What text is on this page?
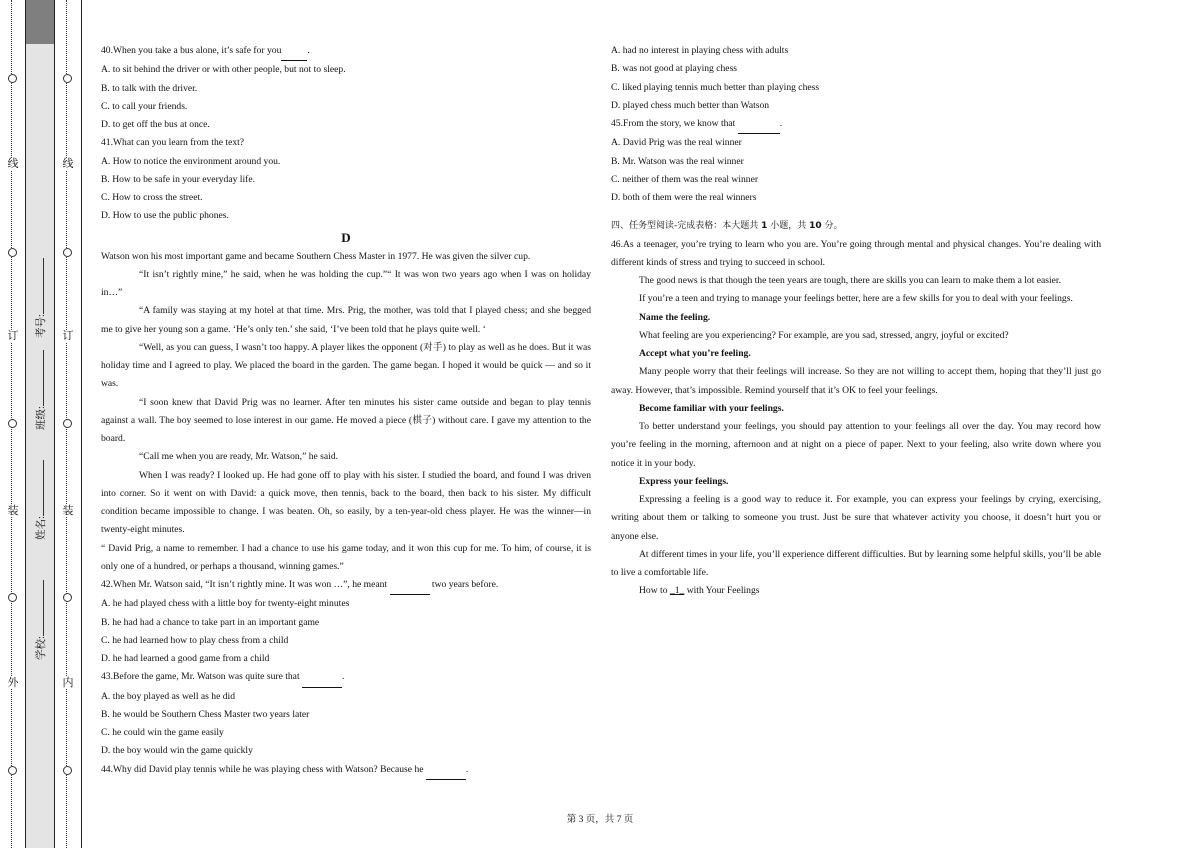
线
订
装
外
线
订
装
内
学校:
姓名:
班级:
考号:

40.When you take a bus alone, it’s safe for you	.

A. to sit behind the driver or with other people, but not to sleep.

B. to talk with the driver.

C. to call your friends.

D. to get off the bus at once.

41.What can you learn from the text?

A. How to notice the environment around you.

B. How to be safe in your everyday life.

C. How to cross the street.

D. How to use the public phones.

D

Watson won his most important game and became Southern Chess Master in 1977. He was given the silver cup.

“It isn’t rightly mine,” he said, when he was holding the cup.”“ It was won two years ago when I was on holiday in…”

“A family was staying at my hotel at that time. Mrs. Prig, the mother, was told that I played chess; and she begged me to give her young son a game. ‘He’s only ten.’ she said, ‘I’ve been told that he plays quite well. ‘

“Well, as you can guess, I wasn’t too happy. A player likes the opponent (对手) to play as well as he does. But it was holiday time and I agreed to play. We placed the board in the garden. The game began. I hoped it would be quick — and so it was.

“I soon knew that David Prig was no learner. After ten minutes his sister came outside and began to play tennis against a wall. The boy seemed to lose interest in our game. He moved a piece (棋子) without care. I gave my attention to the board.

“Call me when you are ready, Mr. Watson,” he said.

When I was ready? I looked up. He had gone off to play with his sister. I studied the board, and found I was driven into corner. So it went on with David: a quick move, then tennis, back to the board, then back to his sister. My difficult condition became impossible to change. I was beaten. Oh, so easily, by a ten-year-old chess player. He was the winner—in twenty-eight minutes.

“ David Prig, a name to remember. I had a chance to use his game today, and it won this cup for me. To him, of course, it is only one of a hundred, or perhaps a thousand, winning games.”

42.When Mr. Watson said, “It isn’t rightly mine. It was won …”, he meant	two years before.

A. he had played chess with a little boy for twenty-eight minutes

B. he had had a chance to take part in an important game

C. he had learned how to play chess from a child

D. he had learned a good game from a child

43.Before the game, Mr. Watson was quite sure that	.

A. the boy played as well as he did

B. he would be Southern Chess Master two years later

C. he could win the game easily

D. the boy would win the game quickly

44.Why did David play tennis while he was playing chess with Watson? Because he	.

A. had no interest in playing chess with adults

B. was not good at playing chess

C. liked playing tennis much better than playing chess

D. played chess much better than Watson

45.From the story, we know that	.

A. David Prig was the real winner

B. Mr. Watson was the real winner

C. neither of them was the real winner

D. both of them were the real winners

四、任务型阅读-完成表格：本大题共 1 小题，共 10 分。

46.As a teenager, you’re trying to learn who you are. You’re going through mental and physical changes. You’re dealing with different kinds of stress and trying to succeed in school.

The good news is that though the teen years are tough, there are skills you can learn to make them a lot easier.

If you’re a teen and trying to manage your feelings better, here are a few skills for you to deal with your feelings.

Name the feeling.

What feeling are you experiencing? For example, are you sad, stressed, angry, joyful or excited?

Accept what you’re feeling.

Many people worry that their feelings will increase. So they are not willing to accept them, hoping that they’ll just go away. However, that’s impossible. Remind yourself that it’s OK to feel your feelings.

Become familiar with your feelings.

To better understand your feelings, you should pay attention to your feelings all over the day. You may record how you’re feeling in the morning, afternoon and at night on a piece of paper. Next to your feeling, also write down where you notice it in your body.

Express your feelings.

Expressing a feeling is a good way to reduce it. For example, you can express your feelings by crying, exercising, writing about them or talking to someone you trust. Just be sure that whatever activity you choose, it doesn’t hurt you or anyone else.

At different times in your life, you’ll experience different difficulties. But by learning some helpful skills, you’ll be able to live a comfortable life.

How to _1_ with Your Feelings

第 3 页，共 7 页
